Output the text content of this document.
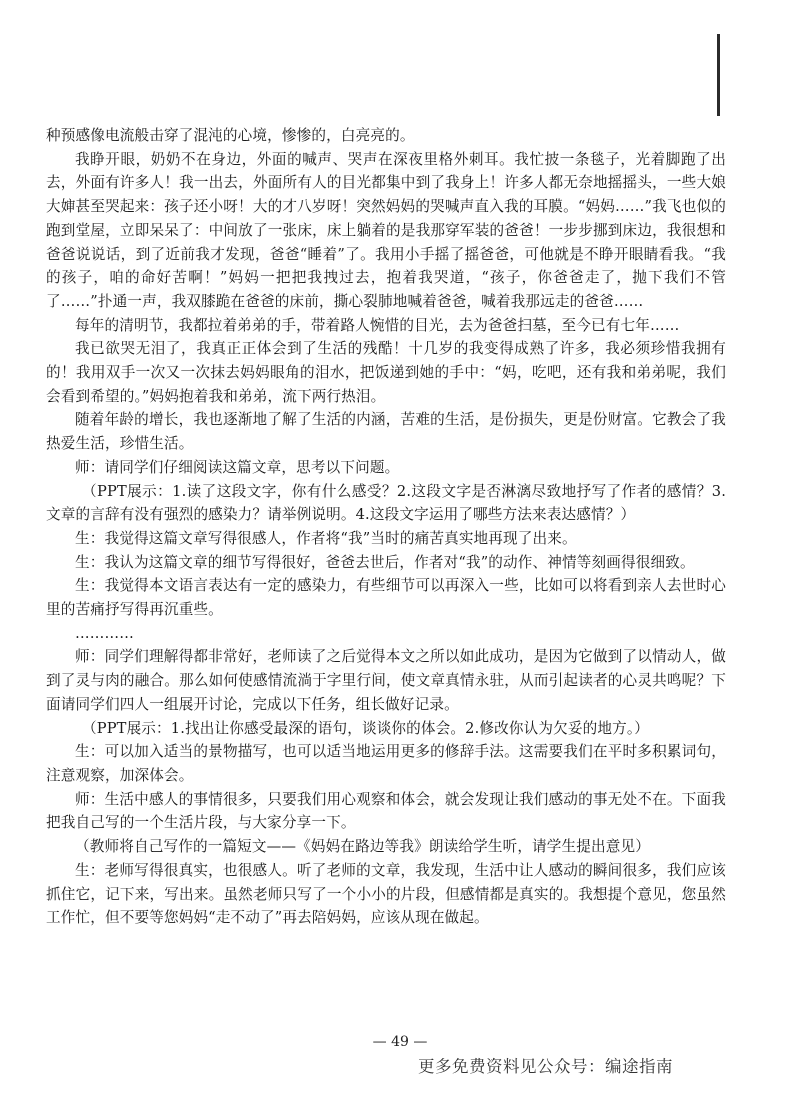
种预感像电流般击穿了混沌的心境，惨惨的，白亮亮的。

我睁开眼，奶奶不在身边，外面的喊声、哭声在深夜里格外刺耳。我忙披一条毯子，光着脚跑了出去，外面有许多人！我一出去，外面所有人的目光都集中到了我身上！许多人都无奈地摇摇头，一些大娘大婶甚至哭起来：孩子还小呀！大的才八岁呀！突然妈妈的哭喊声直入我的耳膜。“妈妈……”我飞也似的跑到堂屋，立即呆呆了：中间放了一张床，床上躺着的是我那穿军装的爸爸！一步步挪到床边，我很想和爸爸说说话，到了近前我才发现，爸爸“睡着”了。我用小手摇了摇爸爸，可他就是不睁开眼睛看我。“我的孩子，咱的命好苦啊！”妈妈一把把我拽过去，抱着我哭道，“孩子，你爸爸走了，抛下我们不管了……”扑通一声，我双膝跪在爸爸的床前，撕心裂肺地喊着爸爸，喊着我那远走的爸爸……

每年的清明节，我都拉着弟弟的手，带着路人惋惜的目光，去为爸爸扫墓，至今已有七年……

我已欲哭无泪了，我真正正体会到了生活的残酷！十几岁的我变得成熟了许多，我必须珍惜我拥有的！我用双手一次又一次抹去妈妈眼角的泪水，把饭递到她的手中：“妈，吃吧，还有我和弟弟呢，我们会看到希望的。”妈妈抱着我和弟弟，流下两行热泪。

随着年龄的增长，我也逐渐地了解了生活的内涵，苦难的生活，是份损失，更是份财富。它教会了我热爱生活，珍惜生活。

师：请同学们仔细阅读这篇文章，思考以下问题。

（PPT展示：1.读了这段文字，你有什么感受？2.这段文字是否淋漓尽致地抒写了作者的感情？3.文章的言辞有没有强烈的感染力？请举例说明。4.这段文字运用了哪些方法来表达感情？）

生：我觉得这篇文章写得很感人，作者将“我”当时的痛苦真实地再现了出来。

生：我认为这篇文章的细节写得很好，爸爸去世后，作者对“我”的动作、神情等刻画得很细致。

生：我觉得本文语言表达有一定的感染力，有些细节可以再深入一些，比如可以将看到亲人去世时心里的苦痛抒写得再沉重些。

…………

师：同学们理解得都非常好，老师读了之后觉得本文之所以如此成功，是因为它做到了以情动人，做到了灵与肉的融合。那么如何使感情流淌于字里行间，使文章真情永驻，从而引起读者的心灵共鸣呢？下面请同学们四人一组展开讨论，完成以下任务，组长做好记录。

（PPT展示：1.找出让你感受最深的语句，谈谈你的体会。2.修改你认为欠妥的地方。）

生：可以加入适当的景物描写，也可以适当地运用更多的修辞手法。这需要我们在平时多积累词句，注意观察，加深体会。

师：生活中感人的事情很多，只要我们用心观察和体会，就会发现让我们感动的事无处不在。下面我把我自己写的一个生活片段，与大家分享一下。

（教师将自己写作的一篇短文——《妈妈在路边等我》朗读给学生听，请学生提出意见）

生：老师写得很真实，也很感人。听了老师的文章，我发现，生活中让人感动的瞬间很多，我们应该抓住它，记下来，写出来。虽然老师只写了一个小小的片段，但感情都是真实的。我想提个意见，您虽然工作忙，但不要等您妈妈“走不动了”再去陪妈妈，应该从现在做起。

— 49 —
更多免费资料见公众号：编途指南
